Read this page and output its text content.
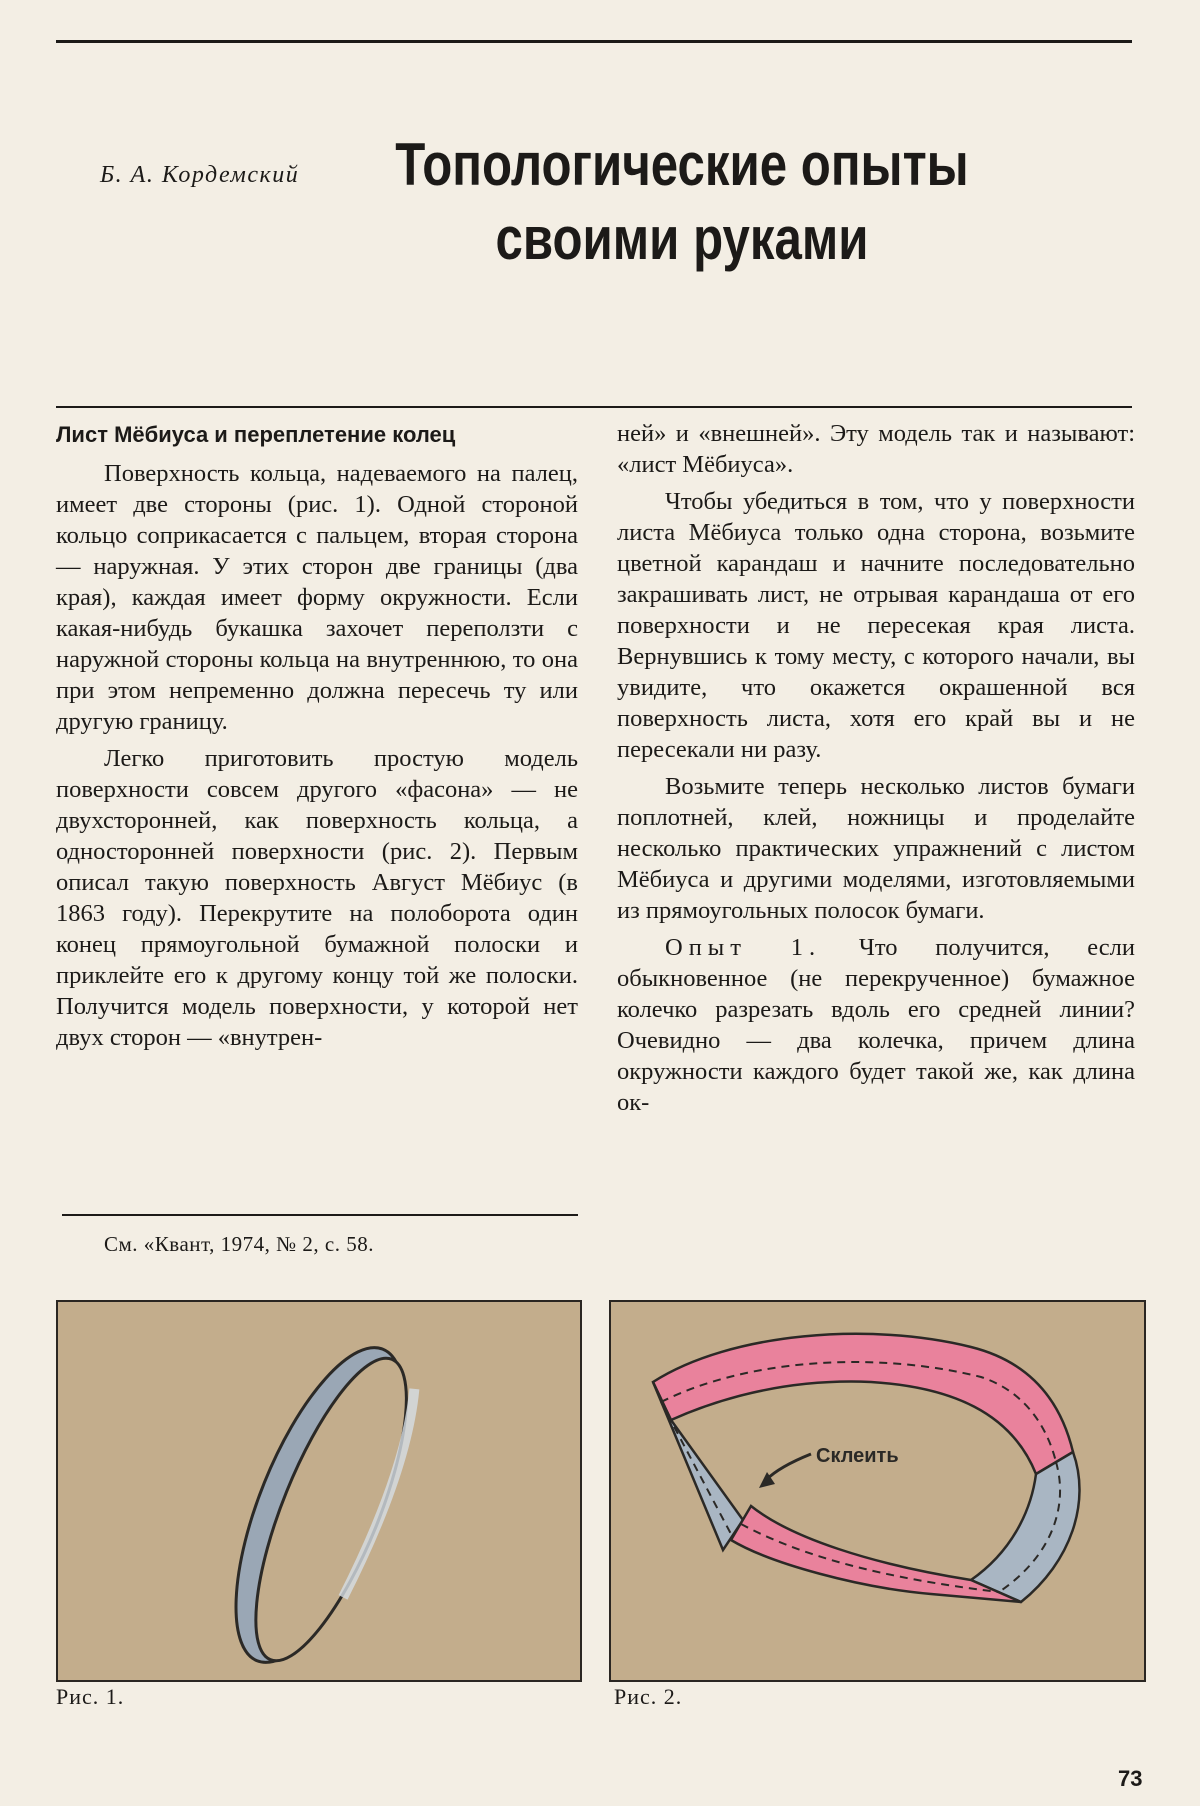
Б. А. Кордемский Топологические опыты
своими руками

Лист Мёбиуса и переплетение колец

Поверхность кольца, надеваемого на палец, имеет две стороны (рис. 1). Одной стороной кольцо соприкасается с пальцем, вторая сторона — наружная. У этих сторон две границы (два края), каждая имеет форму окружности. Если какая-нибудь букашка захочет переползти с наружной стороны кольца на внутреннюю, то она при этом непременно должна пересечь ту или другую границу.

Легко приготовить простую модель поверхности совсем другого «фасона» — не двухсторонней, как поверхность кольца, а односторонней поверхности (рис. 2). Первым описал такую поверхность Август Мёбиус (в 1863 году). Перекрутите на полоборота один конец прямоугольной бумажной полоски и приклейте его к другому концу той же полоски. Получится модель поверхности, у которой нет двух сторон — «внутрен-

См. «Квант, 1974, № 2, с. 58.

ней» и «внешней». Эту модель так и называют: «лист Мёбиуса».

Чтобы убедиться в том, что у поверхности листа Мёбиуса только одна сторона, возьмите цветной карандаш и начните последовательно закрашивать лист, не отрывая карандаша от его поверхности и не пересекая края листа. Вернувшись к тому месту, с которого начали, вы увидите, что окажется окрашенной вся поверхность листа, хотя его край вы и не пересекали ни разу.

Возьмите теперь несколько листов бумаги поплотней, клей, ножницы и проделайте несколько практических упражнений с листом Мёбиуса и другими моделями, изготовляемыми из прямоугольных полосок бумаги.

Опыт 1. Что получится, если обыкновенное (не перекрученное) бумажное колечко разрезать вдоль его средней линии? Очевидно — два колечка, причем длина окружности каждого будет такой же, как длина ок-

Рис. 1.
Склеить
Рис. 2.
73
